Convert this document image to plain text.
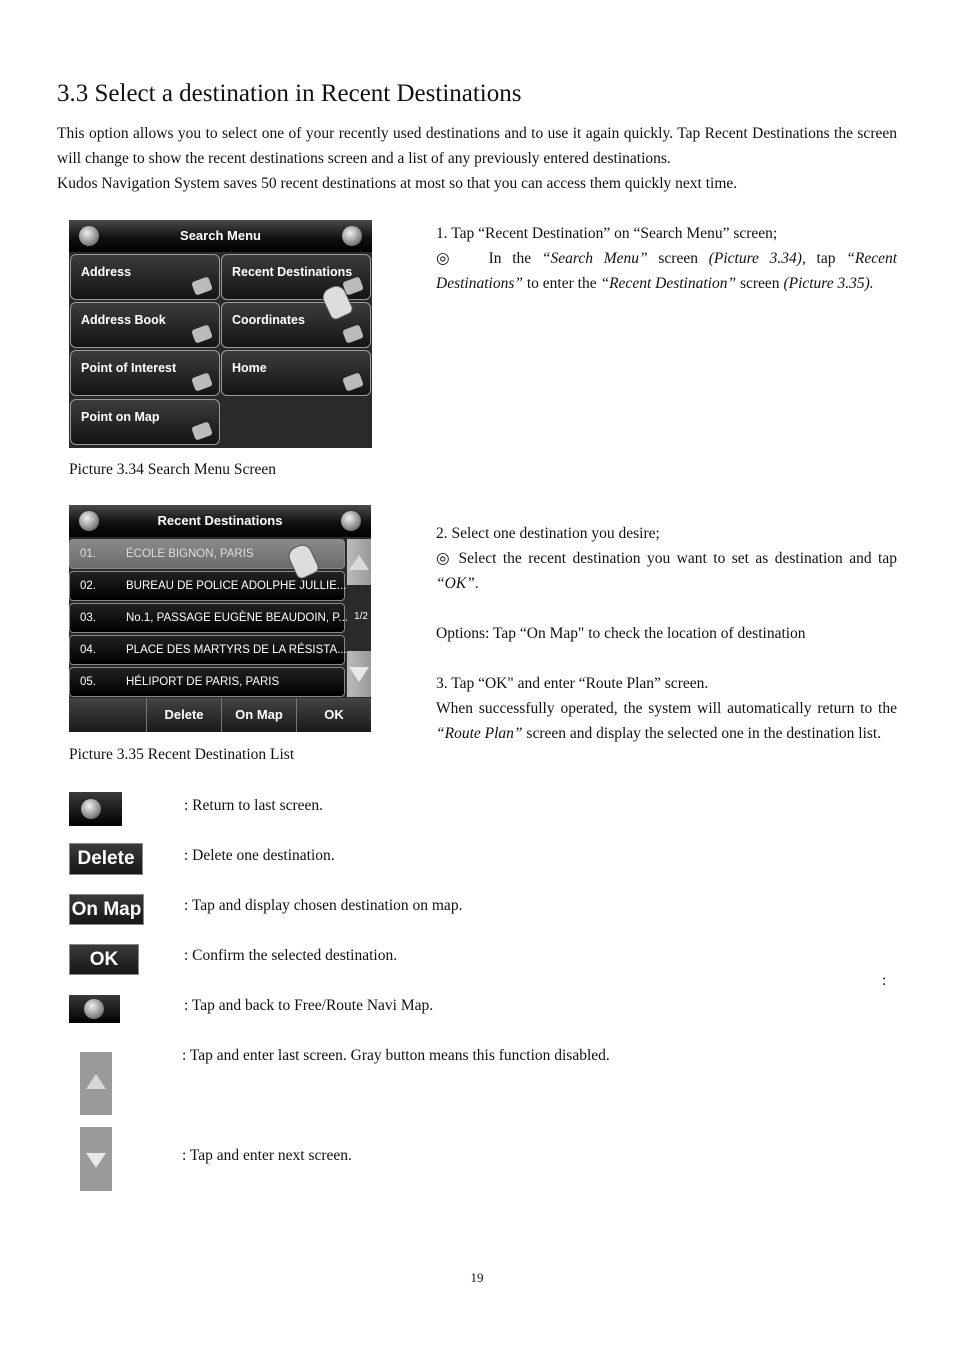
3.3 Select a destination in Recent Destinations

This option allows you to select one of your recently used destinations and to use it again quickly. Tap Recent Destinations the screen will change to show the recent destinations screen and a list of any previously entered destinations.

Kudos Navigation System saves 50 recent destinations at most so that you can access them quickly next time.

Search Menu
Address	Recent Destinations
Address Book	Coordinates
Point of Interest	Home
Point on Map
Picture 3.34 Search Menu Screen

1. Tap “Recent Destination” on “Search Menu” screen;

◎ In the “Search Menu” screen (Picture 3.34), tap “Recent Destinations” to enter the “Recent Destination” screen (Picture 3.35).

Recent Destinations
01.	ÉCOLE BIGNON, PARIS
02.	BUREAU DE POLICE ADOLPHE JULLIE...
03.	No.1, PASSAGE EUGÈNE BEAUDOIN, P...
04.	PLACE DES MARTYRS DE LA RÉSISTA...
05.	HÉLIPORT DE PARIS, PARIS
1/2
Delete	On Map	OK
Picture 3.35 Recent Destination List

2. Select one destination you desire;

◎ Select the recent destination you want to set as destination and tap “OK”.

Options: Tap “On Map" to check the location of destination

3. Tap “OK" and enter “Route Plan” screen.

When successfully operated, the system will automatically return to the “Route Plan” screen and display the selected one in the destination list.

: Return to last screen.
Delete	: Delete one destination.
On Map	: Tap and display chosen destination on map.
OK	: Confirm the selected destination.
:
: Tap and back to Free/Route Navi Map.
: Tap and enter last screen. Gray button means this function disabled.
: Tap and enter next screen.
19
